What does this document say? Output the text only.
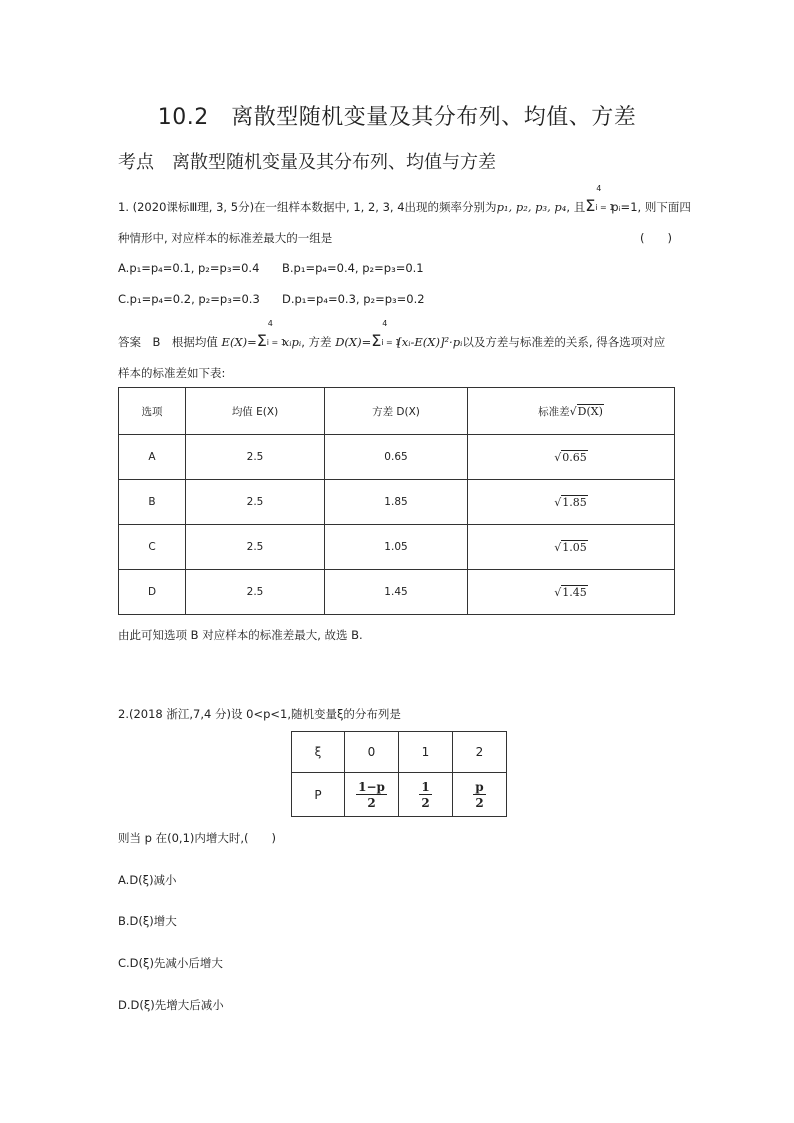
10.2　离散型随机变量及其分布列、均值、方差
考点　离散型随机变量及其分布列、均值与方差
1. (2020课标Ⅲ理, 3, 5分)在一组样本数据中, 1, 2, 3, 4出现的频率分别为p₁, p₂, p₃, p₄, 且Σ
4
i = 1
pᵢ=1, 则下面四
种情形中, 对应样本的标准差最大的一组是	(　　)
A.p₁=p₄=0.1, p₂=p₃=0.4 B.p₁=p₄=0.4, p₂=p₃=0.1
C.p₁=p₄=0.2, p₂=p₃=0.3 D.p₁=p₄=0.3, p₂=p₃=0.2
答案　B　根据均值 E(X)=Σ
4
i = 1
xᵢpᵢ, 方差 D(X)=Σ
4
i = 1
[xᵢ-E(X)]²·pᵢ以及方差与标准差的关系, 得各选项对应
样本的标准差如下表:
选项	均值 E(X)	方差 D(X)	标准差√D(X)
A	2.5	0.65	√0.65
B	2.5	1.85	√1.85
C	2.5	1.05	√1.05
D	2.5	1.45	√1.45
由此可知选项 B 对应样本的标准差最大, 故选 B.
2.(2018 浙江,7,4 分)设 0<p<1,随机变量ξ的分布列是
ξ	0	1	2
P	$\frac{1-p}{2}$	$\frac{1}{2}$	$\frac{p}{2}$
则当 p 在(0,1)内增大时,(　　)
A.D(ξ)减小
B.D(ξ)增大
C.D(ξ)先减小后增大
D.D(ξ)先增大后减小
